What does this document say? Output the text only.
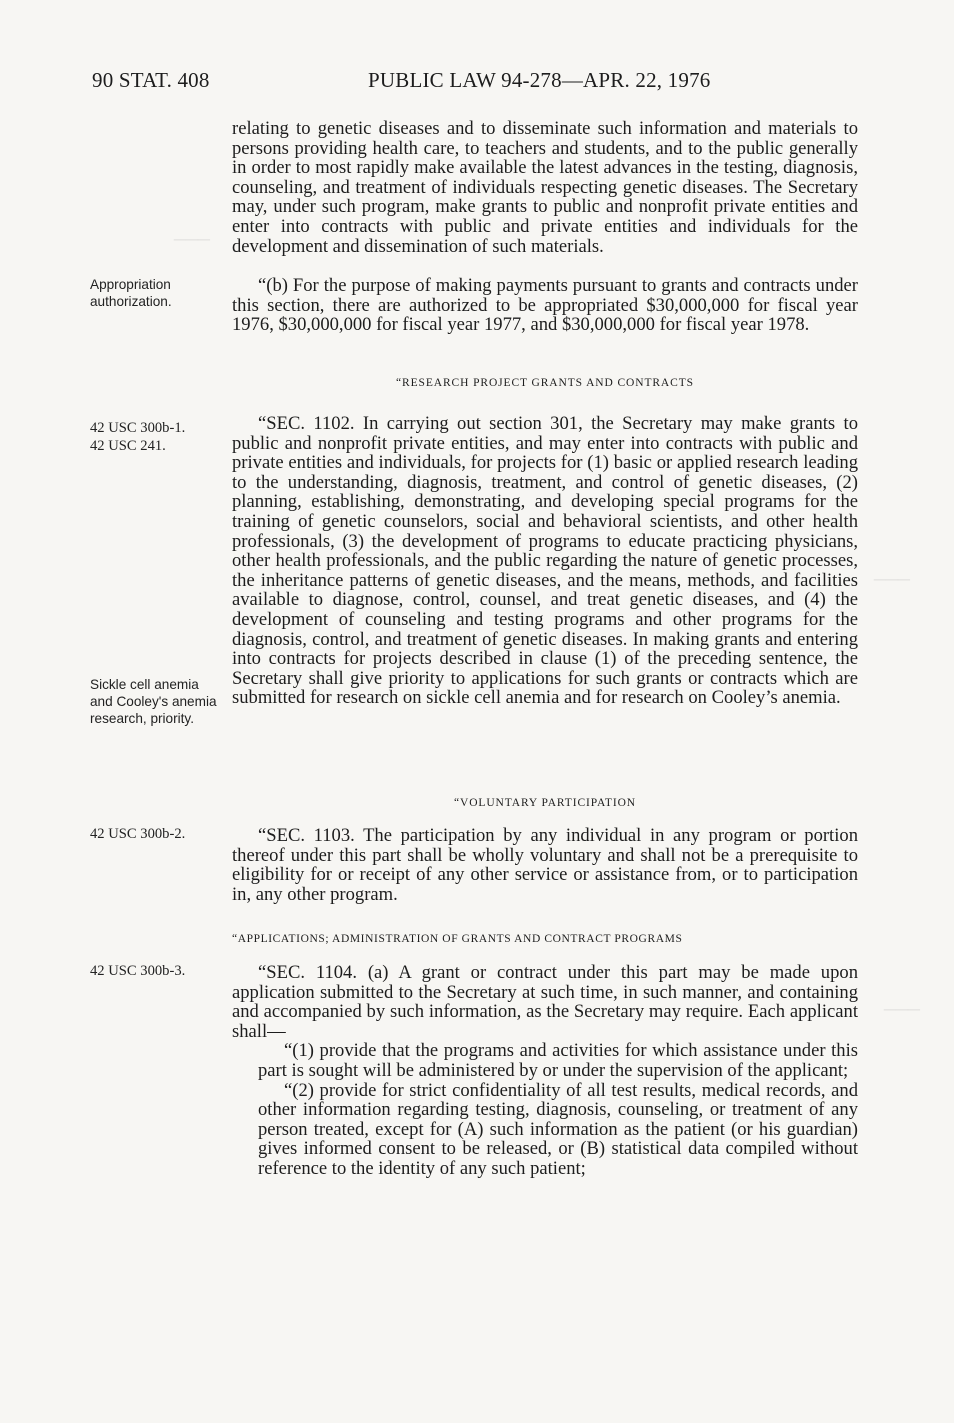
───
───
───
90 STAT. 408	PUBLIC LAW 94-278—APR. 22, 1976
Appropriation authorization.
42 USC 300b-1.
42 USC 241.
Sickle cell anemia and Cooley's anemia research, priority.
42 USC 300b-2.
42 USC 300b-3.

relating to genetic diseases and to disseminate such information and materials to persons providing health care, to teachers and students, and to the public generally in order to most rapidly make available the latest advances in the testing, diagnosis, counseling, and treatment of individuals respecting genetic diseases. The Secretary may, under such program, make grants to public and nonprofit private entities and enter into contracts with public and private entities and individuals for the development and dissemination of such materials.

“(b) For the purpose of making payments pursuant to grants and contracts under this section, there are authorized to be appropriated $30,000,000 for fiscal year 1976, $30,000,000 for fiscal year 1977, and $30,000,000 for fiscal year 1978.

“RESEARCH PROJECT GRANTS AND CONTRACTS

“SEC. 1102. In carrying out section 301, the Secretary may make grants to public and nonprofit private entities, and may enter into contracts with public and private entities and individuals, for projects for (1) basic or applied research leading to the understanding, diagnosis, treatment, and control of genetic diseases, (2) planning, establishing, demonstrating, and developing special programs for the training of genetic counselors, social and behavioral scientists, and other health professionals, (3) the development of programs to educate practicing physicians, other health professionals, and the public regarding the nature of genetic processes, the inheritance patterns of genetic diseases, and the means, methods, and facilities available to diagnose, control, counsel, and treat genetic diseases, and (4) the development of counseling and testing programs and other programs for the diagnosis, control, and treatment of genetic diseases. In making grants and entering into contracts for projects described in clause (1) of the preceding sentence, the Secretary shall give priority to applications for such grants or contracts which are submitted for research on sickle cell anemia and for research on Cooley’s anemia.

“VOLUNTARY PARTICIPATION

“SEC. 1103. The participation by any individual in any program or portion thereof under this part shall be wholly voluntary and shall not be a prerequisite to eligibility for or receipt of any other service or assistance from, or to participation in, any other program.

“APPLICATIONS; ADMINISTRATION OF GRANTS AND CONTRACT PROGRAMS

“SEC. 1104. (a) A grant or contract under this part may be made upon application submitted to the Secretary at such time, in such manner, and containing and accompanied by such information, as the Secretary may require. Each applicant shall—

“(1) provide that the programs and activities for which assistance under this part is sought will be administered by or under the supervision of the applicant;

“(2) provide for strict confidentiality of all test results, medical records, and other information regarding testing, diagnosis, counseling, or treatment of any person treated, except for (A) such information as the patient (or his guardian) gives informed consent to be released, or (B) statistical data compiled without reference to the identity of any such patient;
